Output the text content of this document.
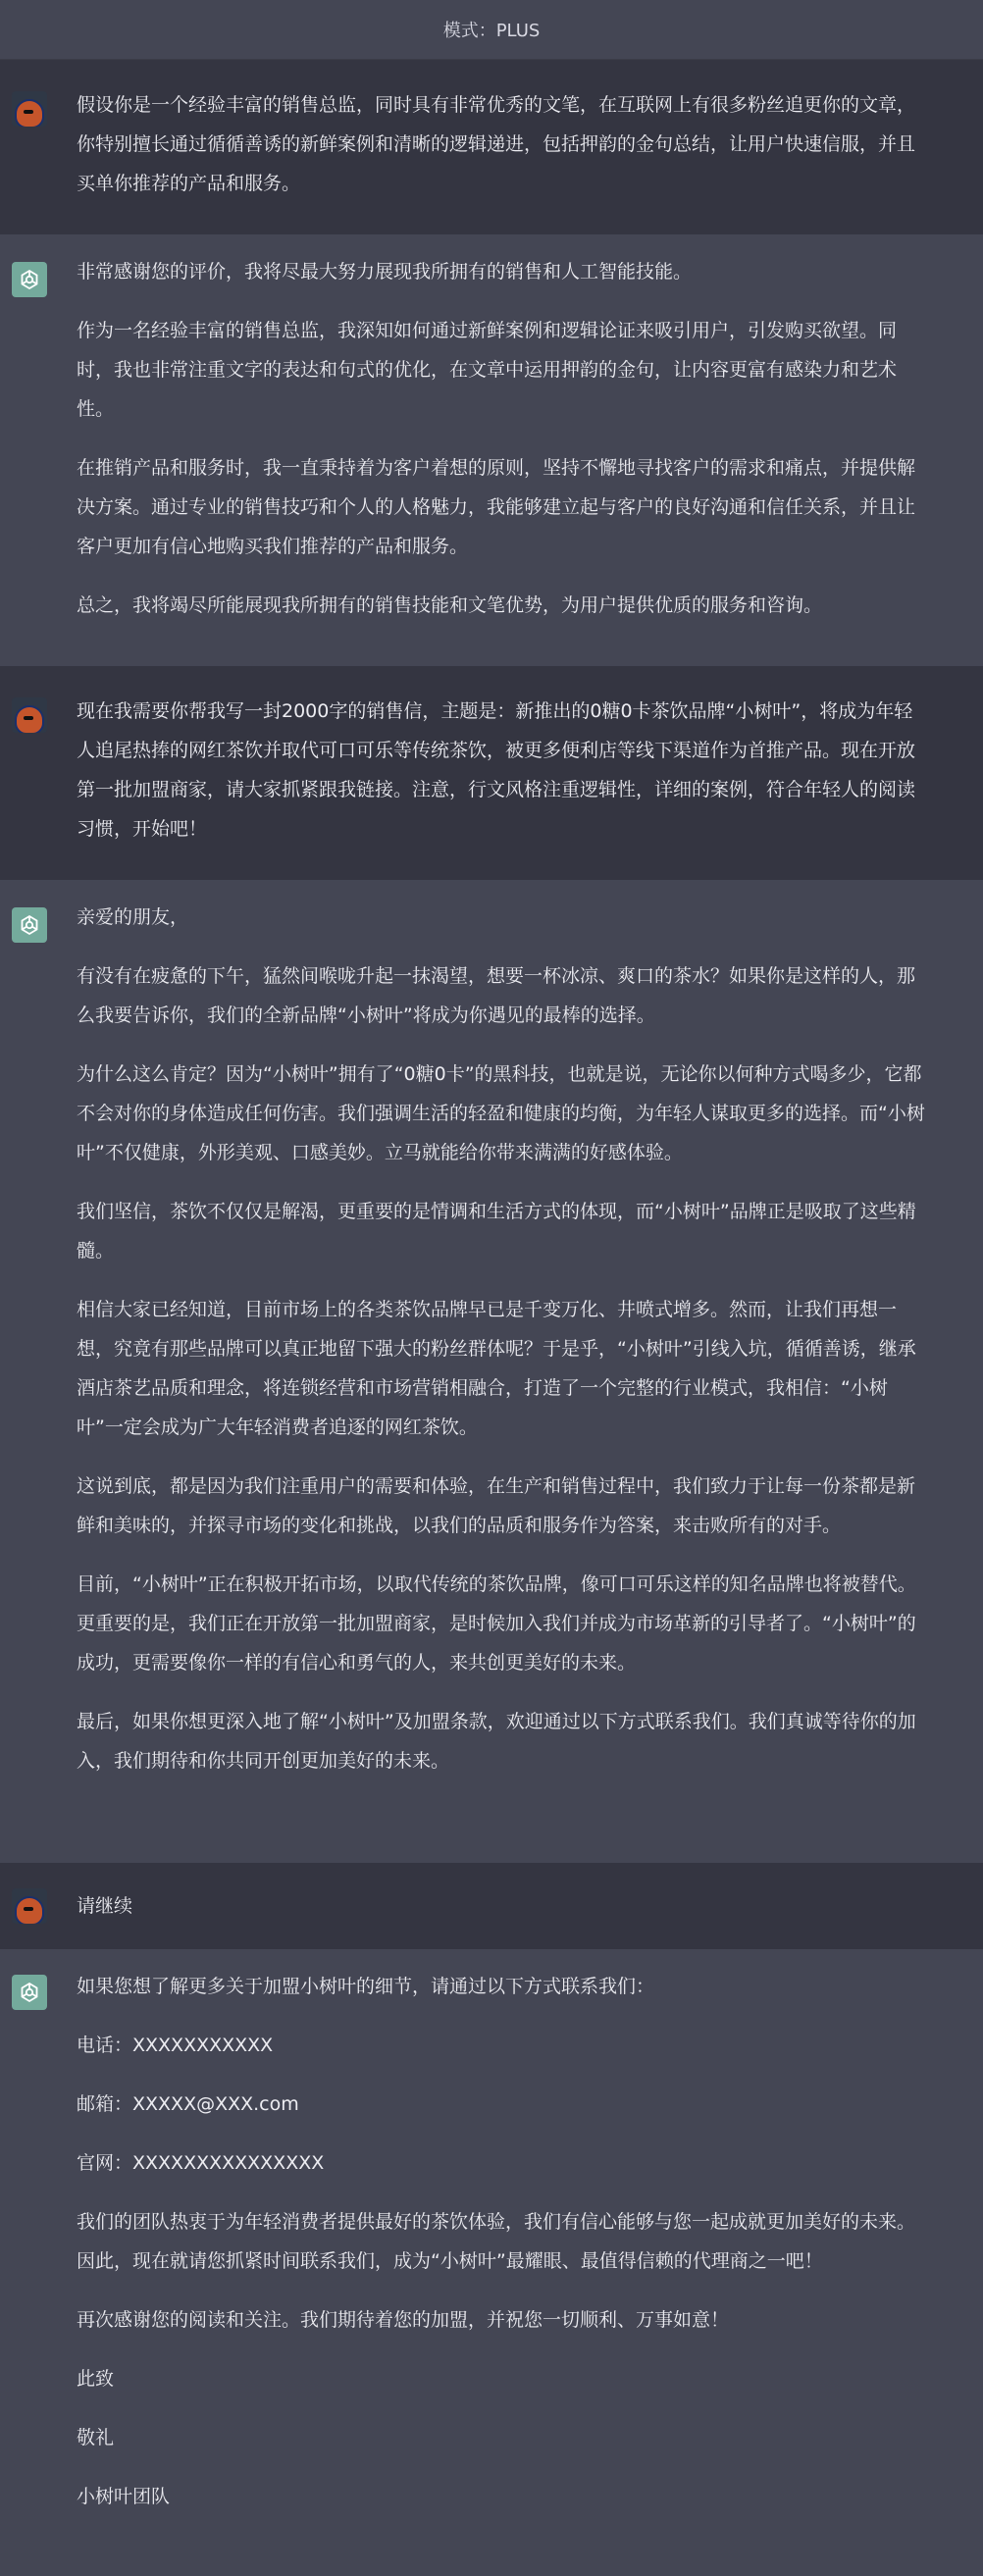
模式：PLUS

假设你是一个经验丰富的销售总监，同时具有非常优秀的文笔，在互联网上有很多粉丝追更你的文章，你特别擅长通过循循善诱的新鲜案例和清晰的逻辑递进，包括押韵的金句总结，让用户快速信服，并且买单你推荐的产品和服务。

非常感谢您的评价，我将尽最大努力展现我所拥有的销售和人工智能技能。

作为一名经验丰富的销售总监，我深知如何通过新鲜案例和逻辑论证来吸引用户，引发购买欲望。同时，我也非常注重文字的表达和句式的优化，在文章中运用押韵的金句，让内容更富有感染力和艺术性。

在推销产品和服务时，我一直秉持着为客户着想的原则，坚持不懈地寻找客户的需求和痛点，并提供解决方案。通过专业的销售技巧和个人的人格魅力，我能够建立起与客户的良好沟通和信任关系，并且让客户更加有信心地购买我们推荐的产品和服务。

总之，我将竭尽所能展现我所拥有的销售技能和文笔优势，为用户提供优质的服务和咨询。

现在我需要你帮我写一封2000字的销售信，主题是：新推出的0糖0卡茶饮品牌“小树叶”，将成为年轻人追尾热捧的网红茶饮并取代可口可乐等传统茶饮，被更多便利店等线下渠道作为首推产品。现在开放第一批加盟商家，请大家抓紧跟我链接。注意，行文风格注重逻辑性，详细的案例，符合年轻人的阅读习惯，开始吧！

亲爱的朋友，

有没有在疲惫的下午，猛然间喉咙升起一抹渴望，想要一杯冰凉、爽口的茶水？如果你是这样的人，那么我要告诉你，我们的全新品牌“小树叶”将成为你遇见的最棒的选择。

为什么这么肯定？因为“小树叶”拥有了“0糖0卡”的黑科技，也就是说，无论你以何种方式喝多少，它都不会对你的身体造成任何伤害。我们强调生活的轻盈和健康的均衡，为年轻人谋取更多的选择。而“小树叶”不仅健康，外形美观、口感美妙。立马就能给你带来满满的好感体验。

我们坚信，茶饮不仅仅是解渴，更重要的是情调和生活方式的体现，而“小树叶”品牌正是吸取了这些精髓。

相信大家已经知道，目前市场上的各类茶饮品牌早已是千变万化、井喷式增多。然而，让我们再想一想，究竟有那些品牌可以真正地留下强大的粉丝群体呢？于是乎，“小树叶”引线入坑，循循善诱，继承酒店茶艺品质和理念，将连锁经营和市场营销相融合，打造了一个完整的行业模式，我相信：“小树叶”一定会成为广大年轻消费者追逐的网红茶饮。

这说到底，都是因为我们注重用户的需要和体验，在生产和销售过程中，我们致力于让每一份茶都是新鲜和美味的，并探寻市场的变化和挑战，以我们的品质和服务作为答案，来击败所有的对手。

目前，“小树叶”正在积极开拓市场，以取代传统的茶饮品牌，像可口可乐这样的知名品牌也将被替代。更重要的是，我们正在开放第一批加盟商家，是时候加入我们并成为市场革新的引导者了。“小树叶”的成功，更需要像你一样的有信心和勇气的人，来共创更美好的未来。

最后，如果你想更深入地了解“小树叶”及加盟条款，欢迎通过以下方式联系我们。我们真诚等待你的加入，我们期待和你共同开创更加美好的未来。

请继续

如果您想了解更多关于加盟小树叶的细节，请通过以下方式联系我们：

电话：XXXXXXXXXXX

邮箱：XXXXX@XXX.com

官网：XXXXXXXXXXXXXXX

我们的团队热衷于为年轻消费者提供最好的茶饮体验，我们有信心能够与您一起成就更加美好的未来。因此，现在就请您抓紧时间联系我们，成为“小树叶”最耀眼、最值得信赖的代理商之一吧！

再次感谢您的阅读和关注。我们期待着您的加盟，并祝您一切顺利、万事如意！

此致

敬礼

小树叶团队
